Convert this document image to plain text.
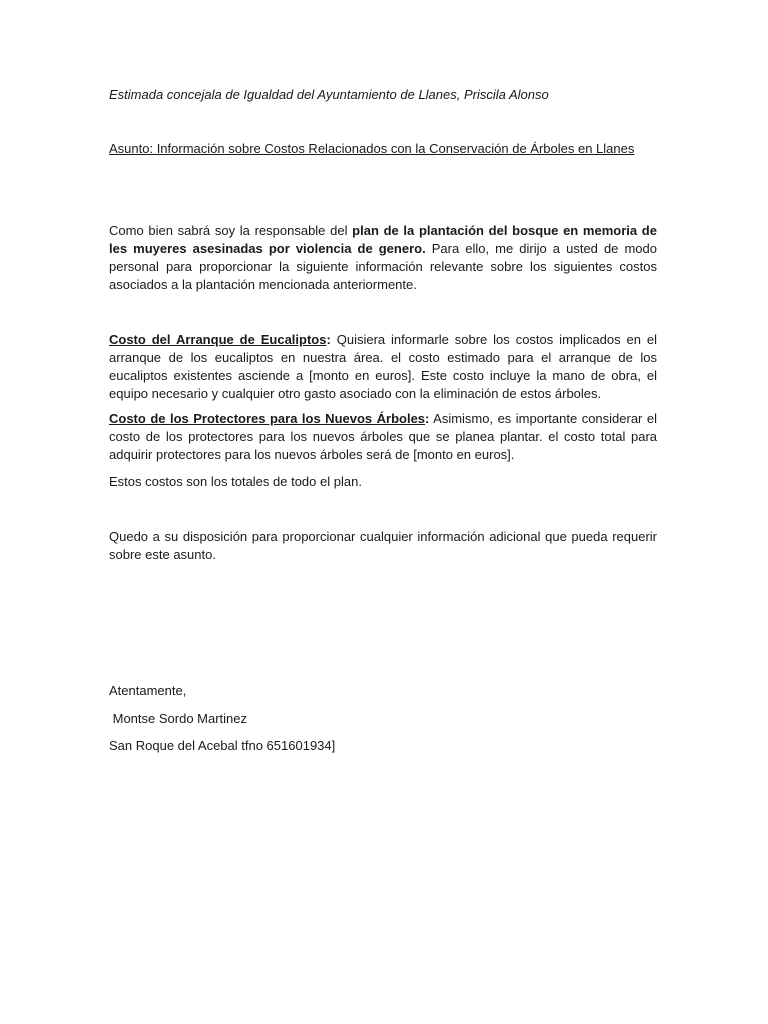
Estimada concejala de Igualdad del Ayuntamiento de Llanes, Priscila Alonso
Asunto: Información sobre Costos Relacionados con la Conservación de Árboles en Llanes
Como bien sabrá soy la responsable del plan de la plantación del bosque en memoria de les muyeres asesinadas por violencia de genero. Para ello, me dirijo a usted de modo personal para proporcionar la siguiente información relevante sobre los siguientes costos asociados a la plantación mencionada anteriormente.
Costo del Arranque de Eucaliptos: Quisiera informarle sobre los costos implicados en el arranque de los eucaliptos en nuestra área. el costo estimado para el arranque de los eucaliptos existentes asciende a [monto en euros]. Este costo incluye la mano de obra, el equipo necesario y cualquier otro gasto asociado con la eliminación de estos árboles.
Costo de los Protectores para los Nuevos Árboles: Asimismo, es importante considerar el costo de los protectores para los nuevos árboles que se planea plantar. el costo total para adquirir protectores para los nuevos árboles será de [monto en euros].
Estos costos son los totales de todo el plan.
Quedo a su disposición para proporcionar cualquier información adicional que pueda requerir sobre este asunto.
Atentamente,
Montse Sordo Martinez
San Roque del Acebal tfno 651601934]
